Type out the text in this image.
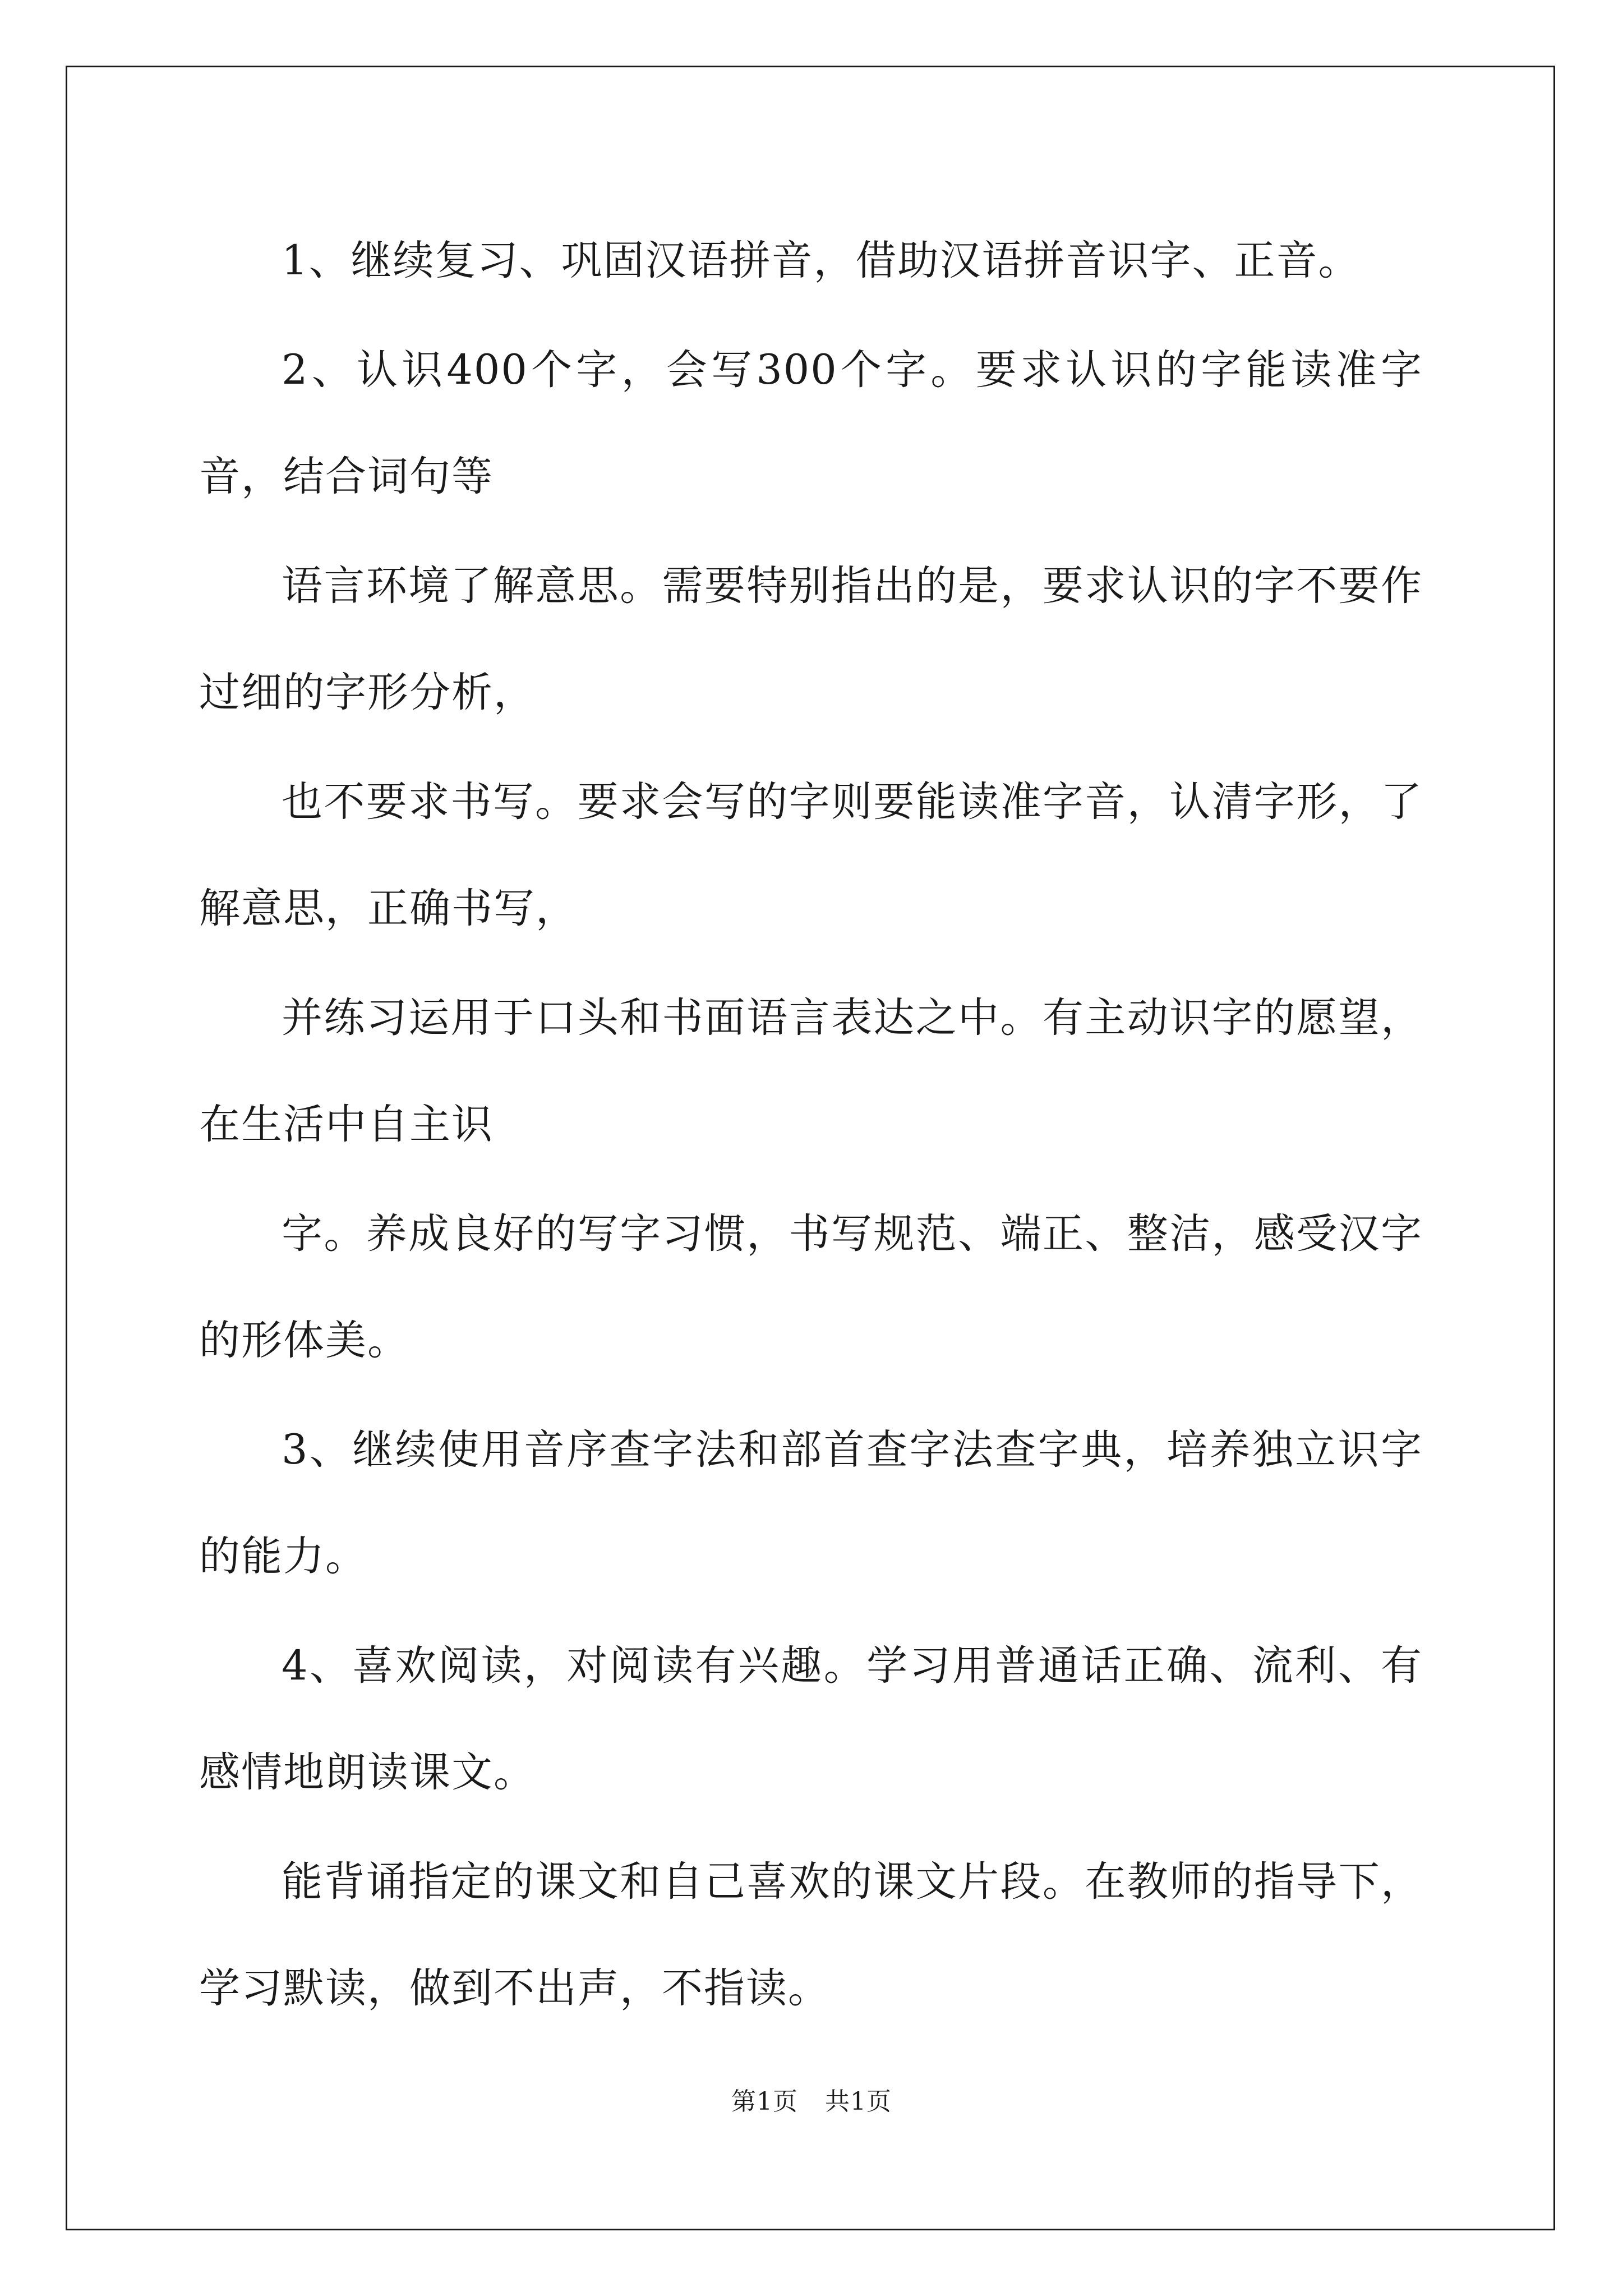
1、继续复习、巩固汉语拼音，借助汉语拼音识字、正音。

2、认识400个字，会写300个字。要求认识的字能读准字音，结合词句等

语言环境了解意思。需要特别指出的是，要求认识的字不要作过细的字形分析，

也不要求书写。要求会写的字则要能读准字音，认清字形，了解意思，正确书写，

并练习运用于口头和书面语言表达之中。有主动识字的愿望，在生活中自主识

字。养成良好的写字习惯，书写规范、端正、整洁，感受汉字的形体美。

3、继续使用音序查字法和部首查字法查字典，培养独立识字的能力。

4、喜欢阅读，对阅读有兴趣。学习用普通话正确、流利、有感情地朗读课文。

能背诵指定的课文和自己喜欢的课文片段。在教师的指导下，学习默读，做到不出声，不指读。

第1页 共1页
